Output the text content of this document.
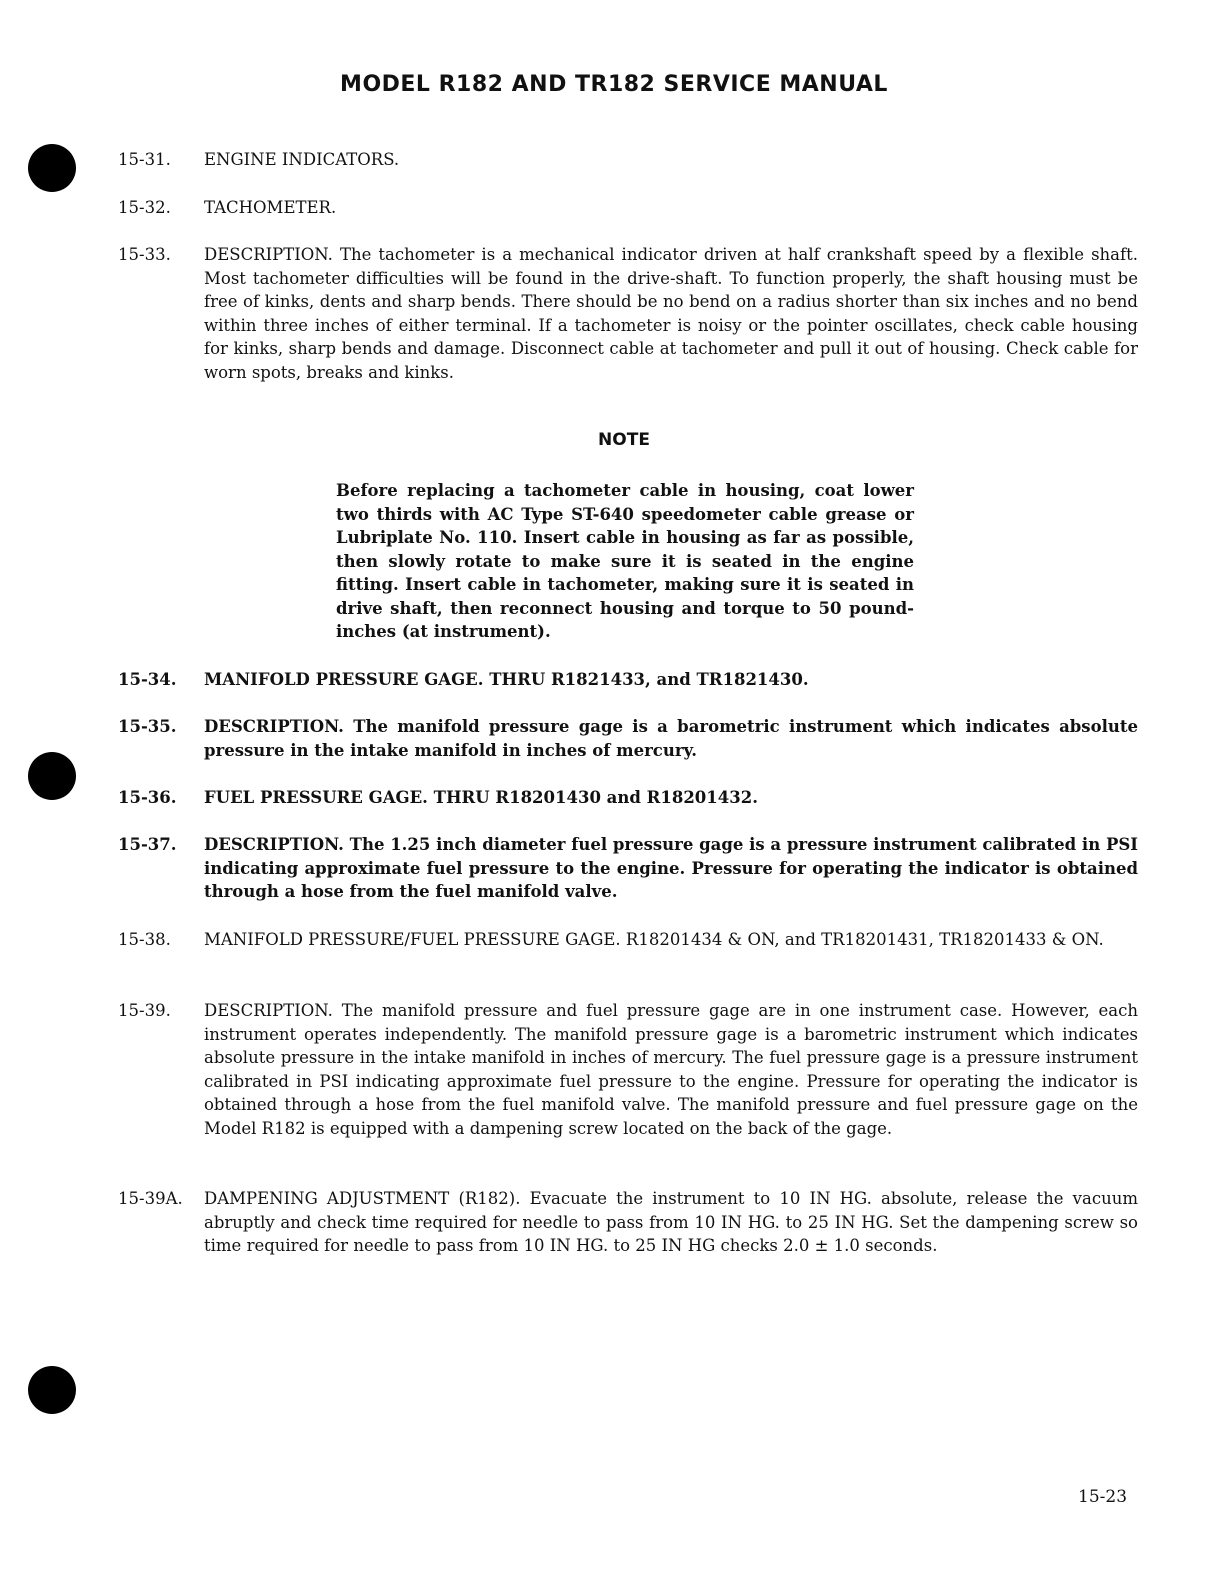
MODEL R182 AND TR182 SERVICE MANUAL
15-31.	ENGINE INDICATORS.
15-32.	TACHOMETER.
15-33.	DESCRIPTION. The tachometer is a mechanical indicator driven at half crankshaft speed by a flexible shaft. Most tachometer difficulties will be found in the drive-shaft. To function properly, the shaft housing must be free of kinks, dents and sharp bends. There should be no bend on a radius shorter than six inches and no bend within three inches of either terminal. If a tachometer is noisy or the pointer oscillates, check cable housing for kinks, sharp bends and damage. Disconnect cable at tachometer and pull it out of housing. Check cable for worn spots, breaks and kinks.
NOTE
Before replacing a tachometer cable in housing, coat lower two thirds with AC Type ST-640 speedometer cable grease or Lubriplate No. 110. Insert cable in housing as far as possible, then slowly rotate to make sure it is seated in the engine fitting. Insert cable in tachometer, making sure it is seated in drive shaft, then reconnect housing and torque to 50 pound-inches (at instrument).
15-34.	MANIFOLD PRESSURE GAGE. THRU R1821433, and TR1821430.
15-35.	DESCRIPTION. The manifold pressure gage is a barometric instrument which indicates absolute pressure in the intake manifold in inches of mercury.
15-36.	FUEL PRESSURE GAGE. THRU R18201430 and R18201432.
15-37.	DESCRIPTION. The 1.25 inch diameter fuel pressure gage is a pressure instrument calibrated in PSI indicating approximate fuel pressure to the engine. Pressure for operating the indicator is obtained through a hose from the fuel manifold valve.
15-38.	MANIFOLD PRESSURE/FUEL PRESSURE GAGE. R18201434 & ON, and TR18201431, TR18201433 & ON.
15-39.	DESCRIPTION. The manifold pressure and fuel pressure gage are in one instrument case. However, each instrument operates independently. The manifold pressure gage is a barometric instrument which indicates absolute pressure in the intake manifold in inches of mercury. The fuel pressure gage is a pressure instrument calibrated in PSI indicating approximate fuel pressure to the engine. Pressure for operating the indicator is obtained through a hose from the fuel manifold valve. The manifold pressure and fuel pressure gage on the Model R182 is equipped with a dampening screw located on the back of the gage.
15-39A.	DAMPENING ADJUSTMENT (R182). Evacuate the instrument to 10 IN HG. absolute, release the vacuum abruptly and check time required for needle to pass from 10 IN HG. to 25 IN HG. Set the dampening screw so time required for needle to pass from 10 IN HG. to 25 IN HG checks 2.0 ± 1.0 seconds.
15-23
